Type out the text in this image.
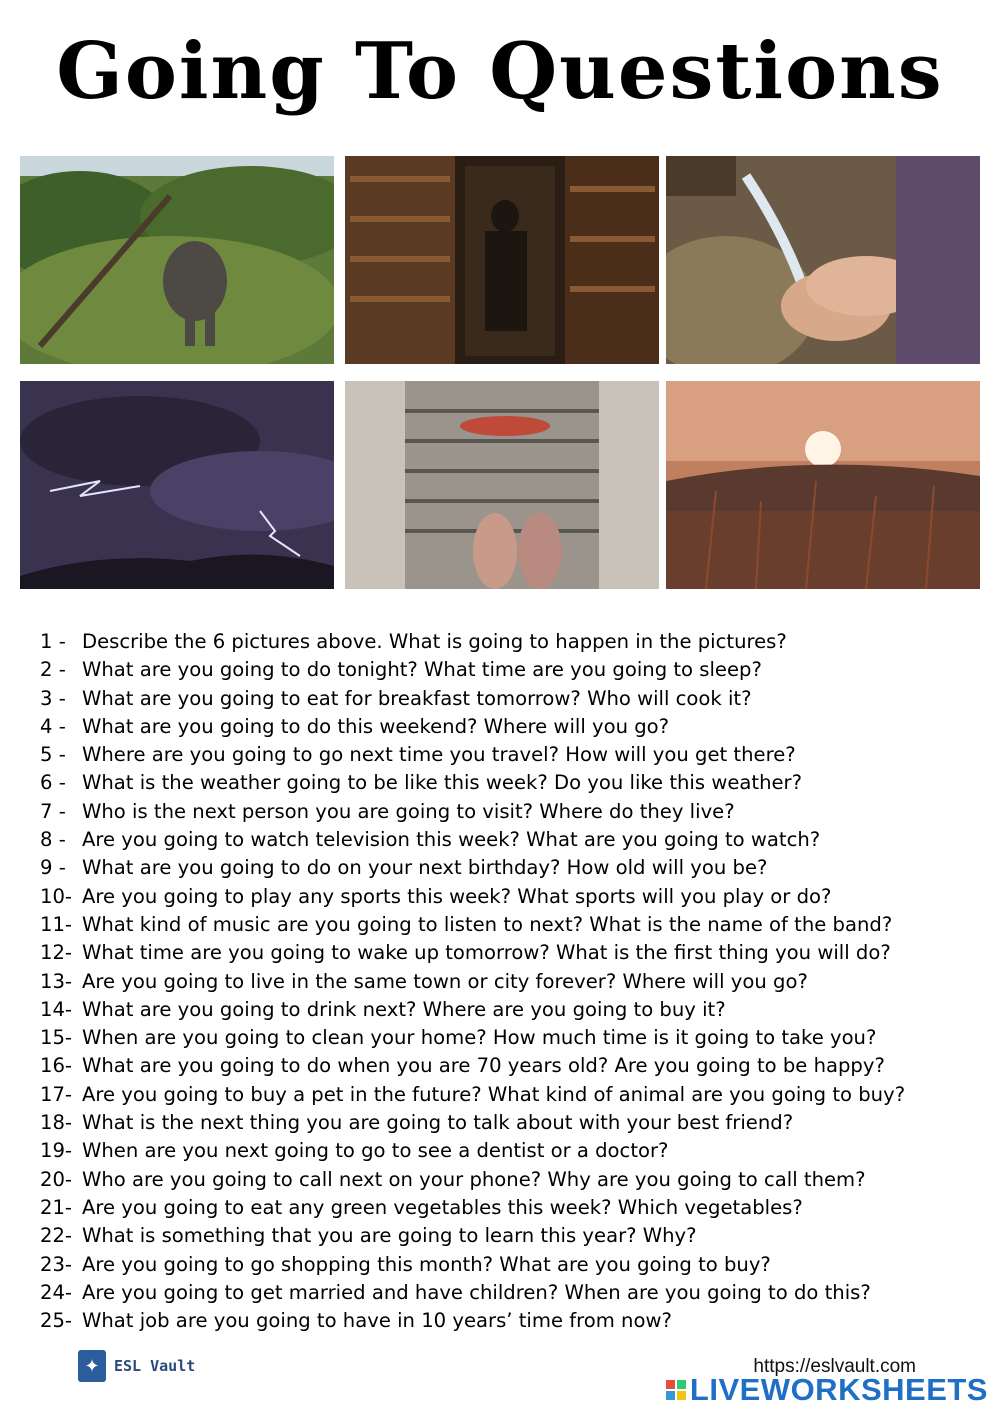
Going To Questions
1 - Describe the 6 pictures above. What is going to happen in the pictures?
2 - What are you going to do tonight? What time are you going to sleep?
3 - What are you going to eat for breakfast tomorrow? Who will cook it?
4 - What are you going to do this weekend? Where will you go?
5 - Where are you going to go next time you travel? How will you get there?
6 - What is the weather going to be like this week? Do you like this weather?
7 - Who is the next person you are going to visit? Where do they live?
8 - Are you going to watch television this week? What are you going to watch?
9 - What are you going to do on your next birthday? How old will you be?
10- Are you going to play any sports this week? What sports will you play or do?
11- What kind of music are you going to listen to next? What is the name of the band?
12- What time are you going to wake up tomorrow? What is the first thing you will do?
13- Are you going to live in the same town or city forever? Where will you go?
14- What are you going to drink next? Where are you going to buy it?
15- When are you going to clean your home? How much time is it going to take you?
16- What are you going to do when you are 70 years old? Are you going to be happy?
17- Are you going to buy a pet in the future? What kind of animal are you going to buy?
18- What is the next thing you are going to talk about with your best friend?
19- When are you next going to go to see a dentist or a doctor?
20- Who are you going to call next on your phone? Why are you going to call them?
21- Are you going to eat any green vegetables this week? Which vegetables?
22- What is something that you are going to learn this year? Why?
23- Are you going to go shopping this month? What are you going to buy?
24- Are you going to get married and have children? When are you going to do this?
25- What job are you going to have in 10 years’ time from now?
✦ ESL Vault	https://eslvault.com
LIVEWORKSHEETS
